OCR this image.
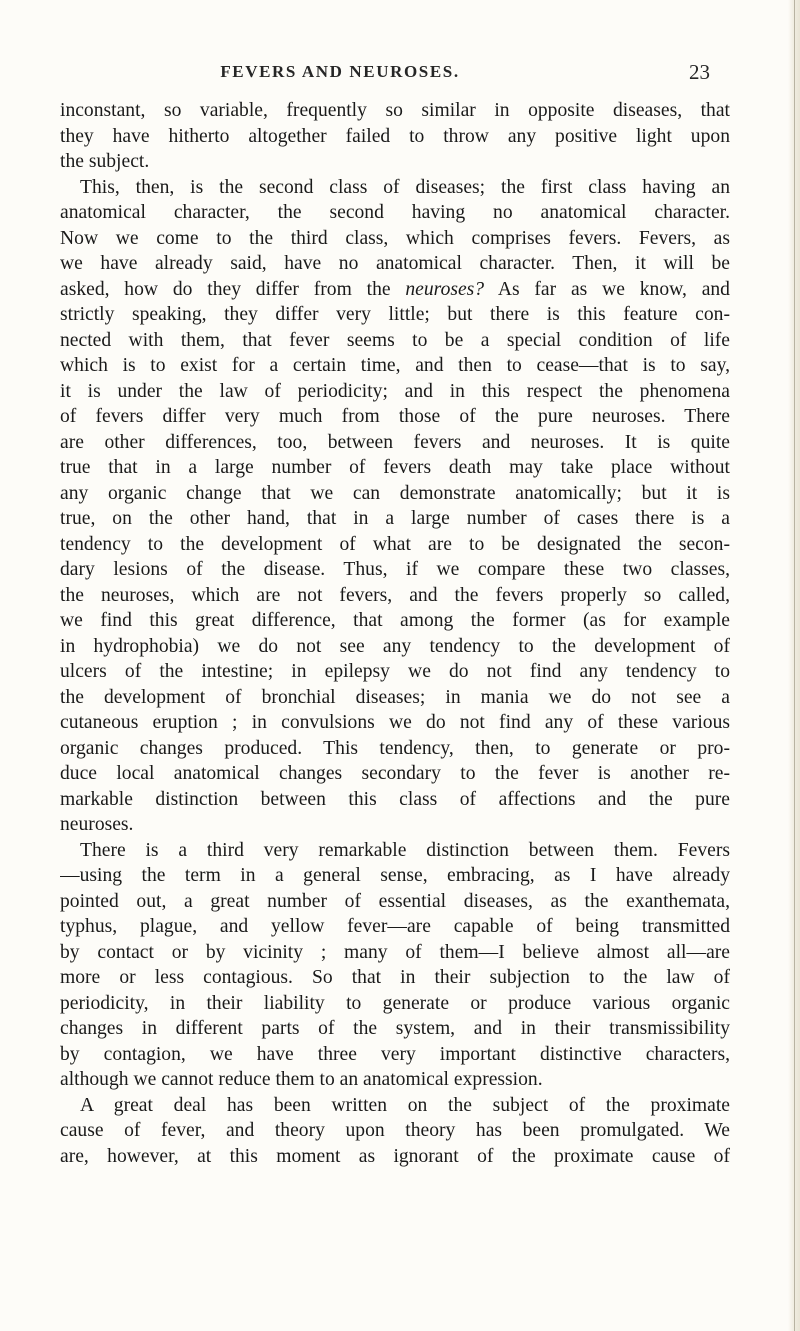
FEVERS AND NEUROSES.	23
inconstant, so variable, frequently so similar in opposite diseases, that
they have hitherto altogether failed to throw any positive light upon
the subject.
This, then, is the second class of diseases; the first class having an
anatomical character, the second having no anatomical character.
Now we come to the third class, which comprises fevers. Fevers, as
we have already said, have no anatomical character. Then, it will be
asked, how do they differ from the neuroses? As far as we know, and
strictly speaking, they differ very little; but there is this feature con-
nected with them, that fever seems to be a special condition of life
which is to exist for a certain time, and then to cease—that is to say,
it is under the law of periodicity; and in this respect the phenomena
of fevers differ very much from those of the pure neuroses. There
are other differences, too, between fevers and neuroses. It is quite
true that in a large number of fevers death may take place without
any organic change that we can demonstrate anatomically; but it is
true, on the other hand, that in a large number of cases there is a
tendency to the development of what are to be designated the secon-
dary lesions of the disease. Thus, if we compare these two classes,
the neuroses, which are not fevers, and the fevers properly so called,
we find this great difference, that among the former (as for example
in hydrophobia) we do not see any tendency to the development of
ulcers of the intestine; in epilepsy we do not find any tendency to
the development of bronchial diseases; in mania we do not see a
cutaneous eruption ; in convulsions we do not find any of these various
organic changes produced. This tendency, then, to generate or pro-
duce local anatomical changes secondary to the fever is another re-
markable distinction between this class of affections and the pure
neuroses.
There is a third very remarkable distinction between them. Fevers
—using the term in a general sense, embracing, as I have already
pointed out, a great number of essential diseases, as the exanthemata,
typhus, plague, and yellow fever—are capable of being transmitted
by contact or by vicinity ; many of them—I believe almost all—are
more or less contagious. So that in their subjection to the law of
periodicity, in their liability to generate or produce various organic
changes in different parts of the system, and in their transmissibility
by contagion, we have three very important distinctive characters,
although we cannot reduce them to an anatomical expression.
A great deal has been written on the subject of the proximate
cause of fever, and theory upon theory has been promulgated. We
are, however, at this moment as ignorant of the proximate cause of
